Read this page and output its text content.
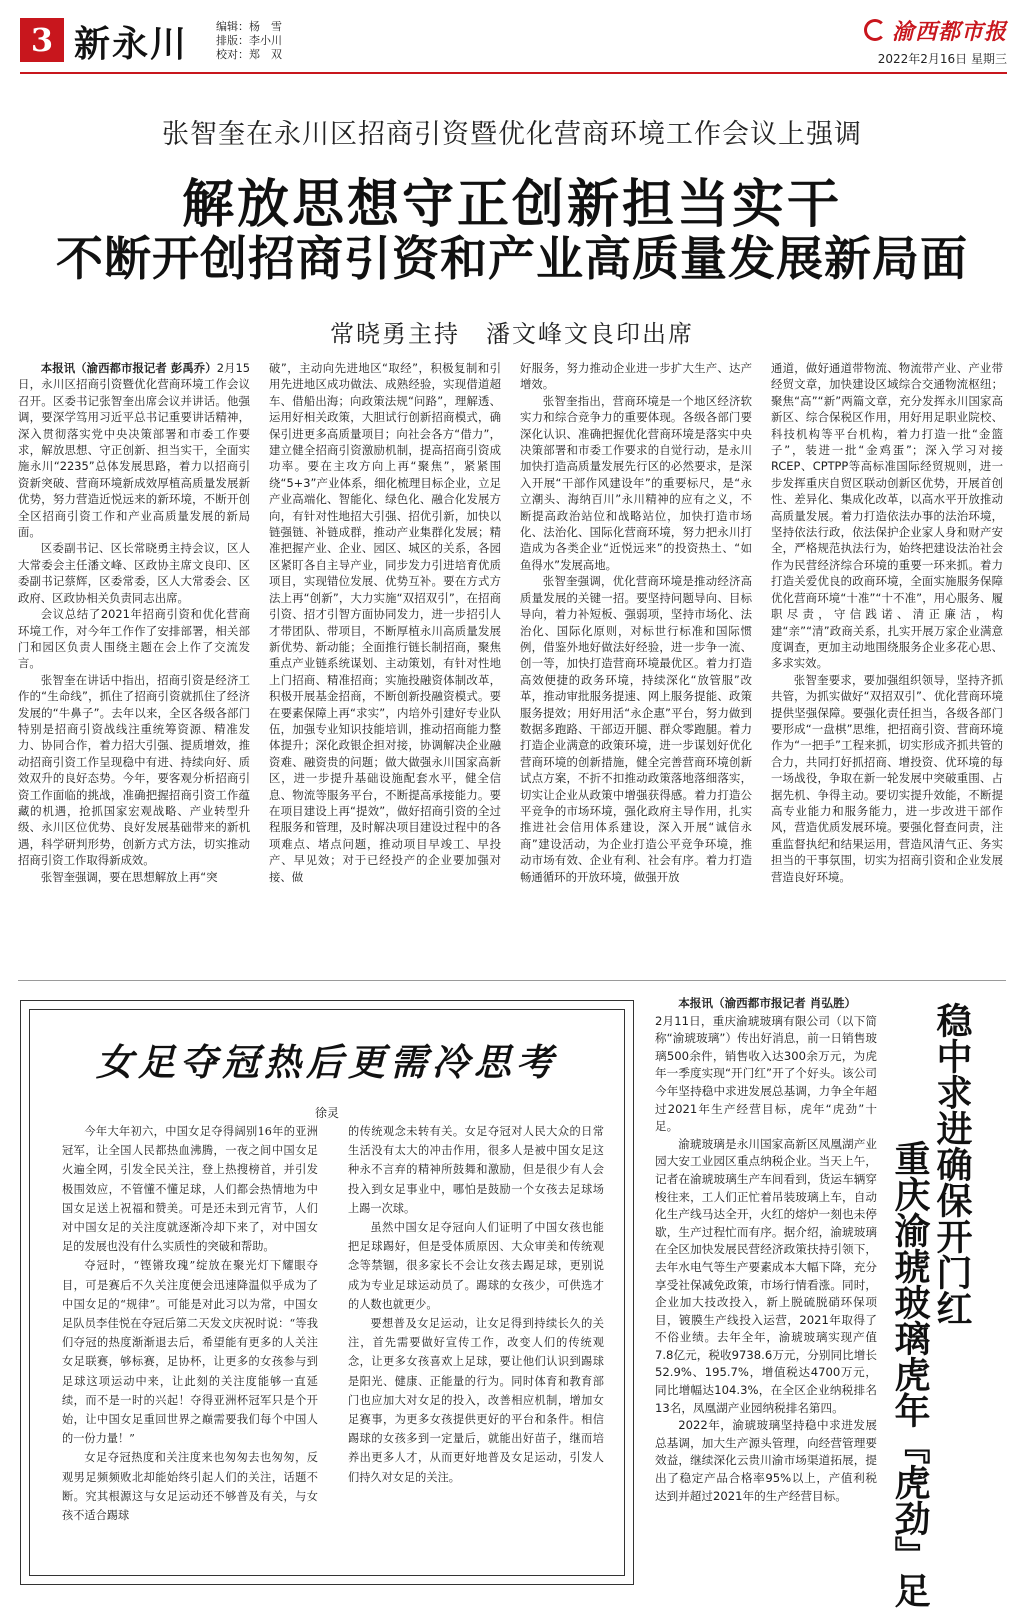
3 新永川	编辑：杨　雪
排版：李小川
校对：郑　双
渝西都市报
2022年2月16日 星期三
张智奎在永川区招商引资暨优化营商环境工作会议上强调
解放思想守正创新担当实干
不断开创招商引资和产业高质量发展新局面
常晓勇主持　潘文峰文良印出席

本报讯（渝西都市报记者 彭禹乔）2月15日，永川区招商引资暨优化营商环境工作会议召开。区委书记张智奎出席会议并讲话。他强调，要深学笃用习近平总书记重要讲话精神，深入贯彻落实党中央决策部署和市委工作要求，解放思想、守正创新、担当实干，全面实施永川“2235”总体发展思路，着力以招商引资新突破、营商环境新成效厚植高质量发展新优势，努力营造近悦远来的新环境，不断开创全区招商引资工作和产业高质量发展的新局面。

区委副书记、区长常晓勇主持会议，区人大常委会主任潘文峰、区政协主席文良印、区委副书记蔡辉，区委常委，区人大常委会、区政府、区政协相关负责同志出席。

会议总结了2021年招商引资和优化营商环境工作，对今年工作作了安排部署，相关部门和园区负责人围绕主题在会上作了交流发言。

张智奎在讲话中指出，招商引资是经济工作的“生命线”，抓住了招商引资就抓住了经济发展的“牛鼻子”。去年以来，全区各级各部门特别是招商引资战线注重统筹资源、精准发力、协同合作，着力招大引强、提质增效，推动招商引资工作呈现稳中有进、持续向好、质效双升的良好态势。今年，要客观分析招商引资工作面临的挑战，准确把握招商引资工作蕴藏的机遇，抢抓国家宏观战略、产业转型升级、永川区位优势、良好发展基础带来的新机遇，科学研判形势，创新方式方法，切实推动招商引资工作取得新成效。

张智奎强调，要在思想解放上再“突

破”，主动向先进地区“取经”，积极复制和引用先进地区成功做法、成熟经验，实现借道超车、借船出海；向政策法规“问路”，理解透、运用好相关政策，大胆试行创新招商模式，确保引进更多高质量项目；向社会各方“借力”，建立健全招商引资激励机制，提高招商引资成功率。要在主攻方向上再“聚焦”，紧紧围绕“5+3”产业体系，细化梳理目标企业，立足产业高端化、智能化、绿色化、融合化发展方向，有针对性地招大引强、招优引新，加快以链强链、补链成群，推动产业集群化发展；精准把握产业、企业、园区、城区的关系，各园区紧盯各自主导产业，同步发力引进培育优质项目，实现错位发展、优势互补。要在方式方法上再“创新”，大力实施“双招双引”，在招商引资、招才引智方面协同发力，进一步招引人才带团队、带项目，不断厚植永川高质量发展新优势、新动能；全面推行链长制招商，聚焦重点产业链系统谋划、主动策划，有针对性地上门招商、精准招商；实施投融资体制改革，积极开展基金招商，不断创新投融资模式。要在要素保障上再“求实”，内培外引建好专业队伍，加强专业知识技能培训，推动招商能力整体提升；深化政银企担对接，协调解决企业融资难、融资贵的问题；做大做强永川国家高新区，进一步提升基础设施配套水平，健全信息、物流等服务平台，不断提高承接能力。要在项目建设上再“提效”，做好招商引资的全过程服务和管理，及时解决项目建设过程中的各项难点、堵点问题，推动项目早竣工、早投产、早见效；对于已经投产的企业要加强对接、做

好服务，努力推动企业进一步扩大生产、达产增效。

张智奎指出，营商环境是一个地区经济软实力和综合竞争力的重要体现。各级各部门要深化认识、准确把握优化营商环境是落实中央决策部署和市委工作要求的自觉行动，是永川加快打造高质量发展先行区的必然要求，是深入开展“干部作风建设年”的重要标尺，是“永立潮头、海纳百川”永川精神的应有之义，不断提高政治站位和战略站位，加快打造市场化、法治化、国际化营商环境，努力把永川打造成为各类企业“近悦远来”的投资热土、“如鱼得水”发展高地。

张智奎强调，优化营商环境是推动经济高质量发展的关键一招。要坚持问题导向、目标导向，着力补短板、强弱项，坚持市场化、法治化、国际化原则，对标世行标准和国际惯例，借鉴外地好做法好经验，进一步争一流、创一等，加快打造营商环境最优区。着力打造高效便捷的政务环境，持续深化“放管服”改革，推动审批服务提速、网上服务提能、政策服务提效；用好用活“永企惠”平台，努力做到数据多跑路、干部迈开腿、群众零跑腿。着力打造企业满意的政策环境，进一步谋划好优化营商环境的创新措施，健全完善营商环境创新试点方案，不折不扣推动政策落地落细落实，切实让企业从政策中增强获得感。着力打造公平竞争的市场环境，强化政府主导作用，扎实推进社会信用体系建设，深入开展“诚信永商”建设活动，为企业打造公平竞争环境，推动市场有效、企业有利、社会有序。着力打造畅通循环的开放环境，做强开放

通道，做好通道带物流、物流带产业、产业带经贸文章，加快建设区域综合交通物流枢纽；聚焦“高”“新”两篇文章，充分发挥永川国家高新区、综合保税区作用，用好用足职业院校、科技机构等平台机构，着力打造一批“金篮子”，装进一批“金鸡蛋”；深入学习对接RCEP、CPTPP等高标准国际经贸规则，进一步发挥重庆自贸区联动创新区优势，开展首创性、差异化、集成化改革，以高水平开放推动高质量发展。着力打造依法办事的法治环境，坚持依法行政，依法保护企业家人身和财产安全，严格规范执法行为，始终把建设法治社会作为民营经济综合环境的重要一环来抓。着力打造关爱优良的政商环境，全面实施服务保障优化营商环境“十准”“十不准”，用心服务、履职尽责，守信践诺、清正廉洁，构建“亲”“清”政商关系，扎实开展万家企业满意度调查，更加主动地围绕服务企业多花心思、多求实效。

张智奎要求，要加强组织领导，坚持齐抓共管，为抓实做好“双招双引”、优化营商环境提供坚强保障。要强化责任担当，各级各部门要形成“一盘棋”思维，把招商引资、营商环境作为“一把手”工程来抓，切实形成齐抓共管的合力，共同打好抓招商、增投资、优环境的每一场战役，争取在新一轮发展中突破重围、占据先机、争得主动。要切实提升效能，不断提高专业能力和服务能力，进一步改进干部作风，营造优质发展环境。要强化督查问责，注重监督执纪和结果运用，营造风清气正、务实担当的干事氛围，切实为招商引资和企业发展营造良好环境。

女足夺冠热后更需冷思考
徐灵

今年大年初六，中国女足夺得阔别16年的亚洲冠军，让全国人民都热血沸腾，一夜之间中国女足火遍全网，引发全民关注，登上热搜榜首，并引发极围效应，不管懂不懂足球，人们都会热情地为中国女足送上祝福和赞美。可是还未到元宵节，人们对中国女足的关注度就逐渐冷却下来了，对中国女足的发展也没有什么实质性的突破和帮助。

夺冠时，“铿锵玫瑰”绽放在聚光灯下耀眼夺目，可是赛后不久关注度便会迅速降温似乎成为了中国女足的“规律”。可能是对此习以为常，中国女足队员李佳悦在夺冠后第二天发文庆祝时说：“等我们夺冠的热度渐渐退去后，希望能有更多的人关注女足联赛，够标赛，足协杯，让更多的女孩参与到足球这项运动中来，让此刻的关注度能够一直延续，而不是一时的兴起！夺得亚洲杯冠军只是个开始，让中国女足重回世界之巅需要我们每个中国人的一份力量！”

女足夺冠热度和关注度来也匆匆去也匆匆，反观男足频频败北却能始终引起人们的关注，话题不断。究其根源这与女足运动还不够普及有关，与女孩不适合踢球

的传统观念未转有关。女足夺冠对人民大众的日常生活没有太大的冲击作用，很多人是被中国女足这种永不言弃的精神所鼓舞和激励，但是很少有人会投入到女足事业中，哪怕是鼓励一个女孩去足球场上踢一次球。

虽然中国女足夺冠向人们证明了中国女孩也能把足球踢好，但是受体质原因、大众审美和传统观念等禁锢，很多家长不会让女孩去踢足球，更别说成为专业足球运动员了。踢球的女孩少，可供选才的人数也就更少。

要想普及女足运动，让女足得到持续长久的关注，首先需要做好宣传工作，改变人们的传统观念，让更多女孩喜欢上足球，要让他们认识到踢球是阳光、健康、正能量的行为。同时体育和教育部门也应加大对女足的投入，改善相应机制，增加女足赛事，为更多女孩提供更好的平台和条件。相信踢球的女孩多到一定量后，就能出好苗子，继而培养出更多人才，从而更好地普及女足运动，引发人们持久对女足的关注。

本报讯（渝西都市报记者 肖弘胜）

2月11日，重庆渝琥玻璃有限公司（以下简称“渝琥玻璃”）传出好消息，前一日销售玻璃500余件，销售收入达300余万元，为虎年一季度实现“开门红”开了个好头。该公司今年坚持稳中求进发展总基调，力争全年超过2021年生产经营目标，虎年“虎劲”十足。

渝琥玻璃是永川国家高新区凤凰湖产业园大安工业园区重点纳税企业。当天上午，记者在渝琥玻璃生产车间看到，货运车辆穿梭往来，工人们正忙着吊装玻璃上车，自动化生产线马达全开，火红的熔炉一刻也未停歇，生产过程忙而有序。据介绍，渝琥玻璃在全区加快发展民营经济政策扶持引领下，去年水电气等生产要素成本大幅下降，充分享受社保减免政策，市场行情看涨。同时，企业加大技改投入，新上脱硫脱硝环保项目，镀膜生产线投入运营，2021年取得了不俗业绩。去年全年，渝琥玻璃实现产值7.8亿元，税收9738.6万元，分别同比增长52.9%、195.7%，增值税达4700万元，同比增幅达104.3%，在全区企业纳税排名13名，凤凰湖产业园纳税排名第四。

2022年，渝琥玻璃坚持稳中求进发展总基调，加大生产源头管理，向经营管理要效益，继续深化云贵川渝市场渠道拓展，提出了稳定产品合格率95%以上，产值利税达到并超过2021年的生产经营目标。

稳中求进确保开门红
重庆渝琥玻璃虎年『虎劲』足
